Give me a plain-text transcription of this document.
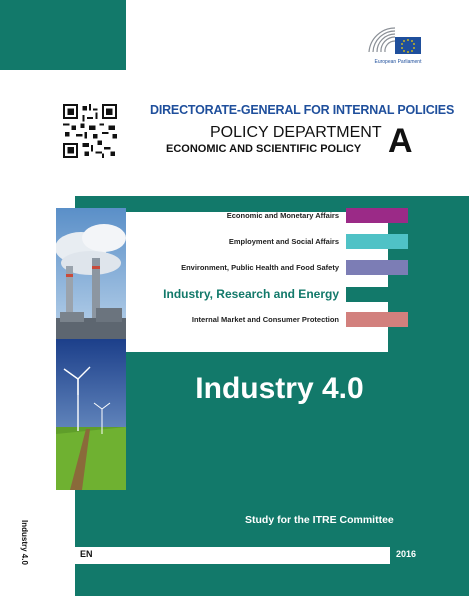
European Parliament
DIRECTORATE-GENERAL FOR INTERNAL POLICIES
POLICY DEPARTMENT
ECONOMIC AND SCIENTIFIC POLICY A
Economic and Monetary Affairs
Employment and Social Affairs
Environment, Public Health and Food Safety
Industry, Research and Energy
Internal Market and Consumer Protection
Industry 4.0
Study for the ITRE Committee
EN	2016
Industry 4.0
